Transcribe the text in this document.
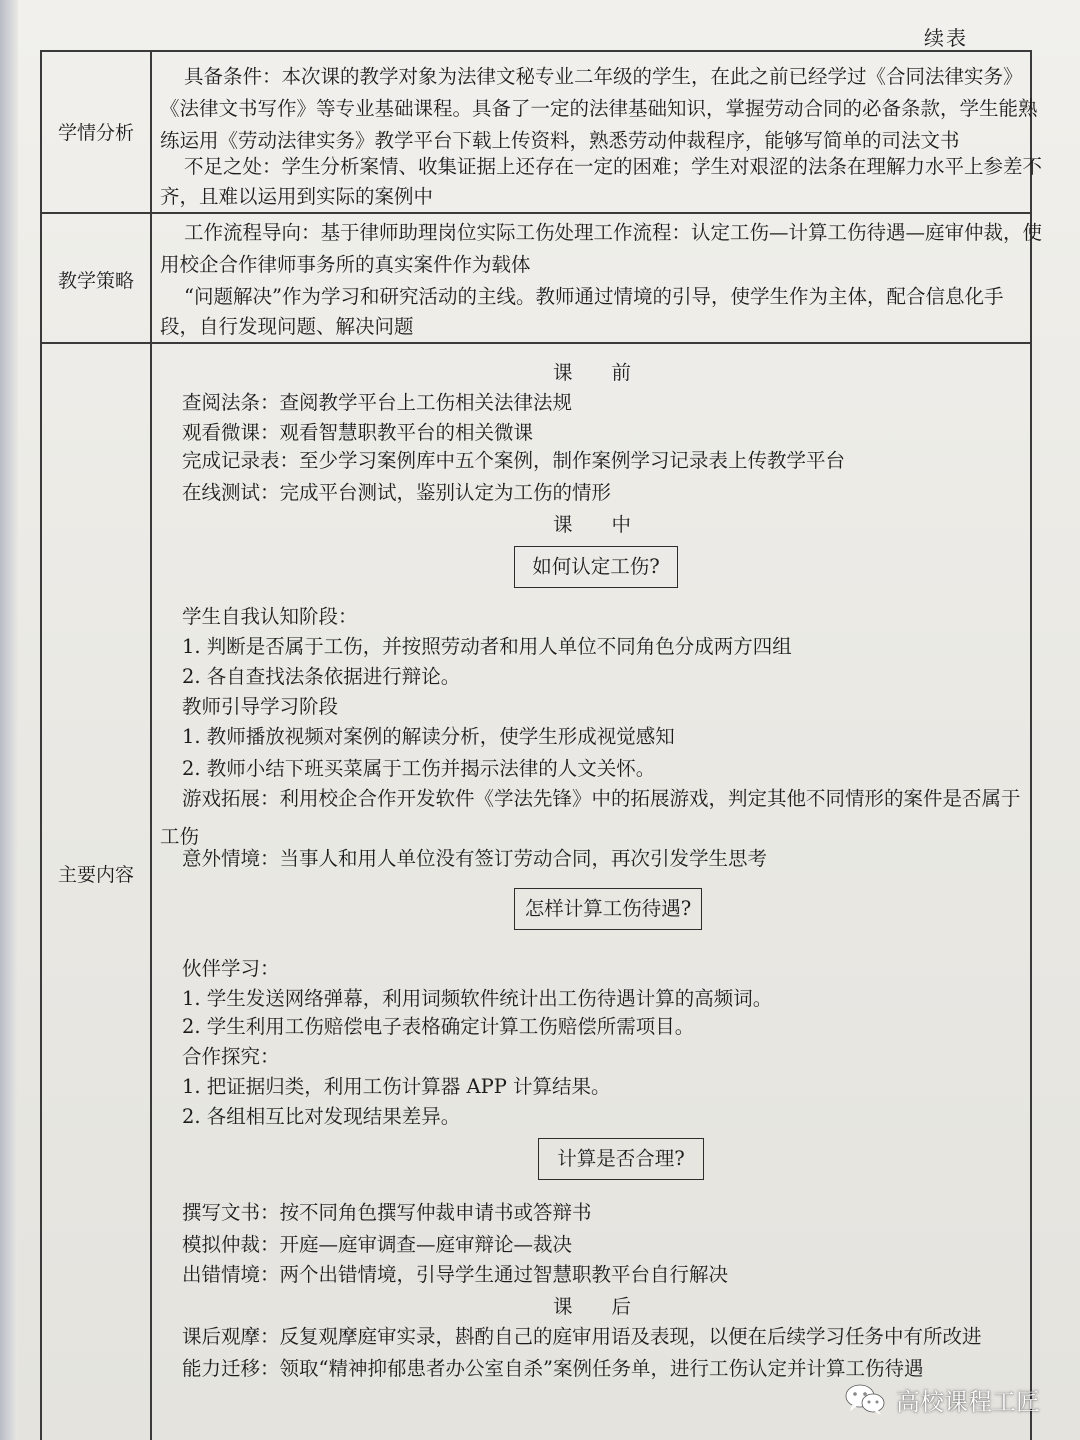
续表
学情分析
具备条件：本次课的教学对象为法律文秘专业二年级的学生，在此之前已经学过《合同法律实务》
《法律文书写作》等专业基础课程。具备了一定的法律基础知识，掌握劳动合同的必备条款，学生能熟
练运用《劳动法律实务》教学平台下载上传资料，熟悉劳动仲裁程序，能够写简单的司法文书
不足之处：学生分析案情、收集证据上还存在一定的困难；学生对艰涩的法条在理解力水平上参差不
齐，且难以运用到实际的案例中
教学策略
工作流程导向：基于律师助理岗位实际工伤处理工作流程：认定工伤—计算工伤待遇—庭审仲裁，使
用校企合作律师事务所的真实案件作为载体
“问题解决”作为学习和研究活动的主线。教师通过情境的引导，使学生作为主体，配合信息化手
段，自行发现问题、解决问题
主要内容
课　　前
查阅法条：查阅教学平台上工伤相关法律法规
观看微课：观看智慧职教平台的相关微课
完成记录表：至少学习案例库中五个案例，制作案例学习记录表上传教学平台
在线测试：完成平台测试，鉴别认定为工伤的情形
课　　中
如何认定工伤?
学生自我认知阶段：
1. 判断是否属于工伤，并按照劳动者和用人单位不同角色分成两方四组
2. 各自查找法条依据进行辩论。
教师引导学习阶段
1. 教师播放视频对案例的解读分析，使学生形成视觉感知
2. 教师小结下班买菜属于工伤并揭示法律的人文关怀。
游戏拓展：利用校企合作开发软件《学法先锋》中的拓展游戏，判定其他不同情形的案件是否属于
工伤
意外情境：当事人和用人单位没有签订劳动合同，再次引发学生思考
怎样计算工伤待遇?
伙伴学习：
1. 学生发送网络弹幕，利用词频软件统计出工伤待遇计算的高频词。
2. 学生利用工伤赔偿电子表格确定计算工伤赔偿所需项目。
合作探究：
1. 把证据归类，利用工伤计算器 APP 计算结果。
2. 各组相互比对发现结果差异。
计算是否合理?
撰写文书：按不同角色撰写仲裁申请书或答辩书
模拟仲裁：开庭—庭审调查—庭审辩论—裁决
出错情境：两个出错情境，引导学生通过智慧职教平台自行解决
课　　后
课后观摩：反复观摩庭审实录，斟酌自己的庭审用语及表现，以便在后续学习任务中有所改进
能力迁移：领取“精神抑郁患者办公室自杀”案例任务单，进行工伤认定并计算工伤待遇
高校课程工匠
